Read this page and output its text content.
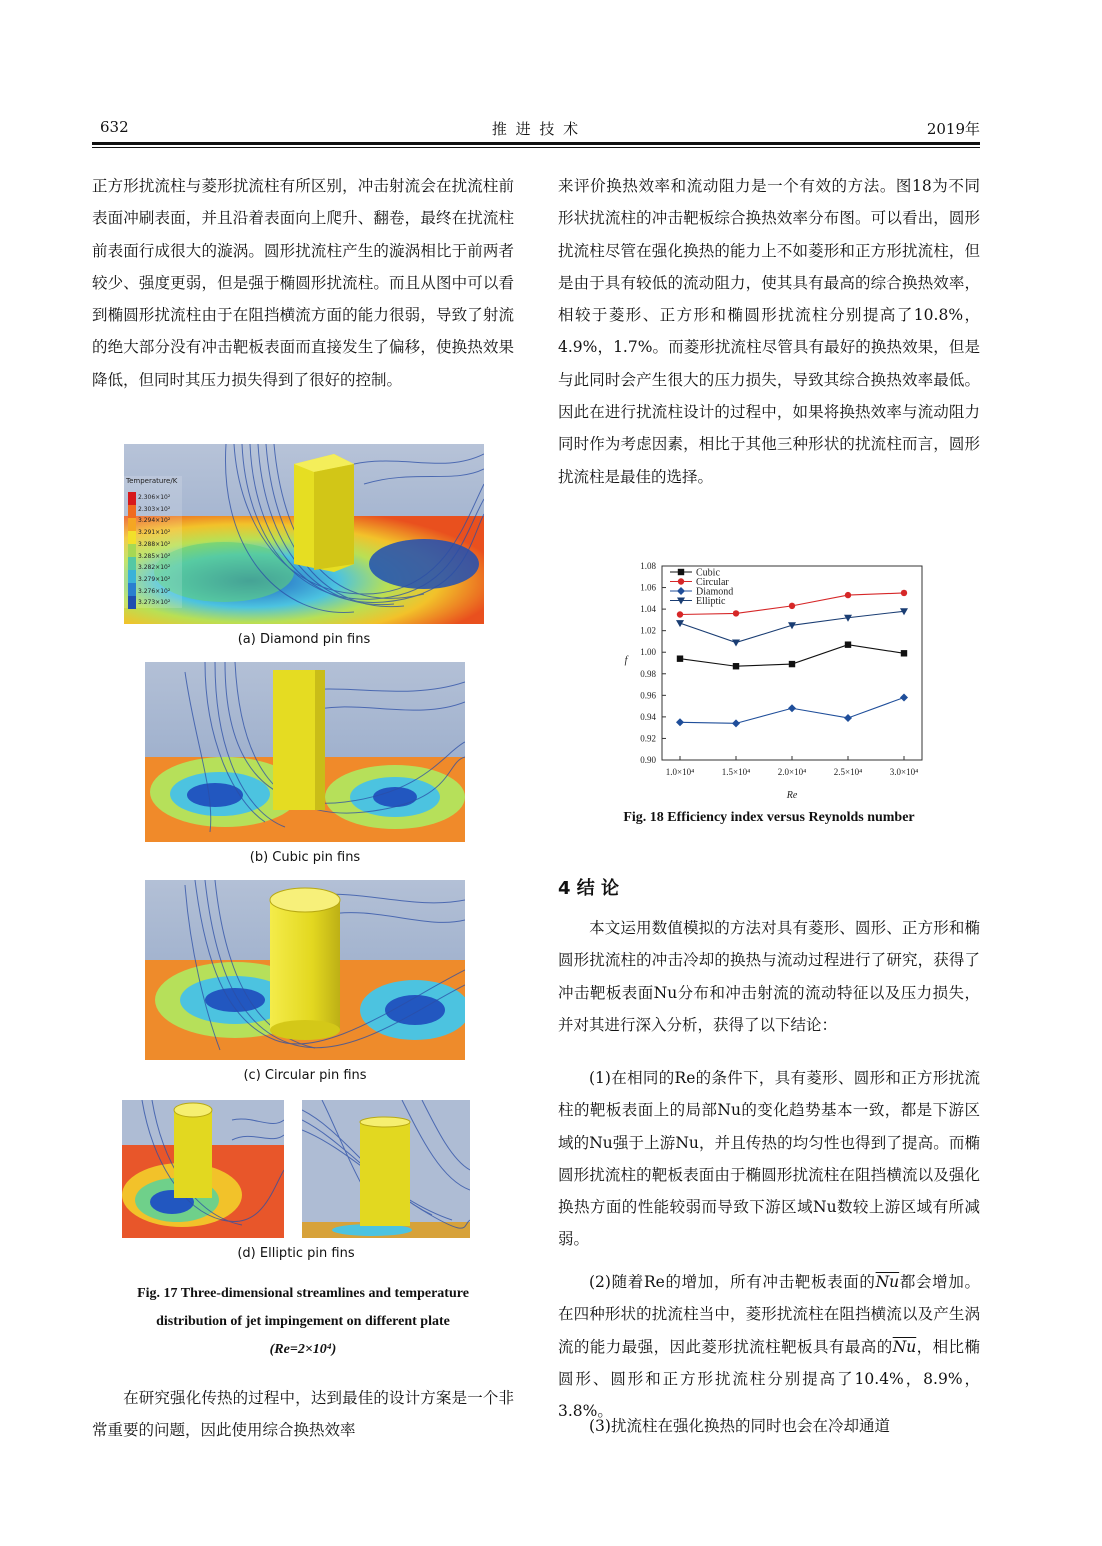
632	推 进 技 术	2019年

正方形扰流柱与菱形扰流柱有所区别，冲击射流会在扰流柱前表面冲刷表面，并且沿着表面向上爬升、翻卷，最终在扰流柱前表面行成很大的漩涡。圆形扰流柱产生的漩涡相比于前两者较少、强度更弱，但是强于椭圆形扰流柱。而且从图中可以看到椭圆形扰流柱由于在阻挡横流方面的能力很弱，导致了射流的绝大部分没有冲击靶板表面而直接发生了偏移，使换热效果降低，但同时其压力损失得到了很好的控制。

Temperature/K
2.306×10²
2.303×10²
3.294×10²
3.291×10²
3.288×10²
3.285×10²
3.282×10²
3.279×10²
3.276×10²
3.273×10²
(a) Diamond pin fins
(b) Cubic pin fins
(c) Circular pin fins
(d) Elliptic pin fins
Fig. 17 Three-dimensional streamlines and temperature
distribution of jet impingement on different plate
(Re=2×10⁴)

在研究强化传热的过程中，达到最佳的设计方案是一个非常重要的问题，因此使用综合换热效率

来评价换热效率和流动阻力是一个有效的方法。图18为不同形状扰流柱的冲击靶板综合换热效率分布图。可以看出，圆形扰流柱尽管在强化换热的能力上不如菱形和正方形扰流柱，但是由于具有较低的流动阻力，使其具有最高的综合换热效率，相较于菱形、正方形和椭圆形扰流柱分别提高了10.8%，4.9%，1.7%。而菱形扰流柱尽管具有最好的换热效果，但是与此同时会产生很大的压力损失，导致其综合换热效率最低。因此在进行扰流柱设计的过程中，如果将换热效率与流动阻力同时作为考虑因素，相比于其他三种形状的扰流柱而言，圆形扰流柱是最佳的选择。

0.90
0.92
0.94
0.96
0.98
1.00
1.02
1.04
1.06
1.08
1.0×10⁴	1.5×10⁴	2.0×10⁴	2.5×10⁴	3.0×10⁴
Re
f
Cubic
Circular
Diamond
Elliptic
Fig. 18 Efficiency index versus Reynolds number
4 结 论

本文运用数值模拟的方法对具有菱形、圆形、正方形和椭圆形扰流柱的冲击冷却的换热与流动过程进行了研究，获得了冲击靶板表面Nu分布和冲击射流的流动特征以及压力损失，并对其进行深入分析，获得了以下结论：

(1)在相同的Re的条件下，具有菱形、圆形和正方形扰流柱的靶板表面上的局部Nu的变化趋势基本一致，都是下游区域的Nu强于上游Nu，并且传热的均匀性也得到了提高。而椭圆形扰流柱的靶板表面由于椭圆形扰流柱在阻挡横流以及强化换热方面的性能较弱而导致下游区域Nu数较上游区域有所减弱。

(2)随着Re的增加，所有冲击靶板表面的$\overline{Nu}$都会增加。在四种形状的扰流柱当中，菱形扰流柱在阻挡横流以及产生涡流的能力最强，因此菱形扰流柱靶板具有最高的$\overline{Nu}$，相比椭圆形、圆形和正方形扰流柱分别提高了10.4%，8.9%，3.8%。

(3)扰流柱在强化换热的同时也会在冷却通道
